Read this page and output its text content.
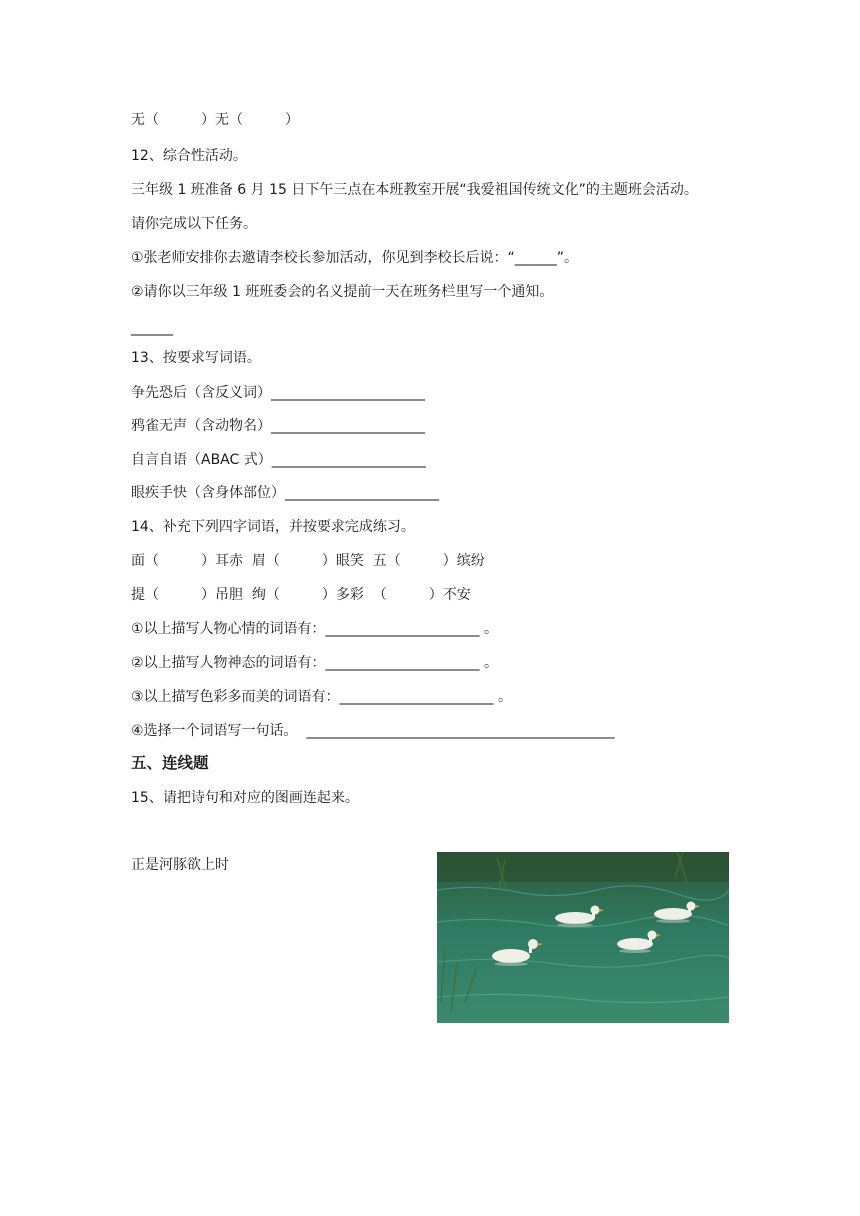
无（　　　）无（　　　）
12、综合性活动。
三年级 1 班准备 6 月 15 日下午三点在本班教室开展“我爱祖国传统文化”的主题班会活动。
请你完成以下任务。
①张老师安排你去邀请李校长参加活动，你见到李校长后说：“______”。
②请你以三年级 1 班班委会的名义提前一天在班务栏里写一个通知。
______
13、按要求写词语。
争先恐后（含反义词）______________________
鸦雀无声（含动物名）______________________
自言自语（ABAC 式）______________________
眼疾手快（含身体部位）______________________
14、补充下列四字词语，并按要求完成练习。
面（　　　）耳赤  眉（　　　）眼笑  五（　　　）缤纷
提（　　　）吊胆  绚（　　　）多彩  （　　　）不安
①以上描写人物心情的词语有：______________________ 。
②以上描写人物神态的词语有：______________________ 。
③以上描写色彩多而美的词语有：______________________ 。
④选择一个词语写一句话。  ____________________________________________
五、连线题
15、请把诗句和对应的图画连起来。
正是河豚欲上时
